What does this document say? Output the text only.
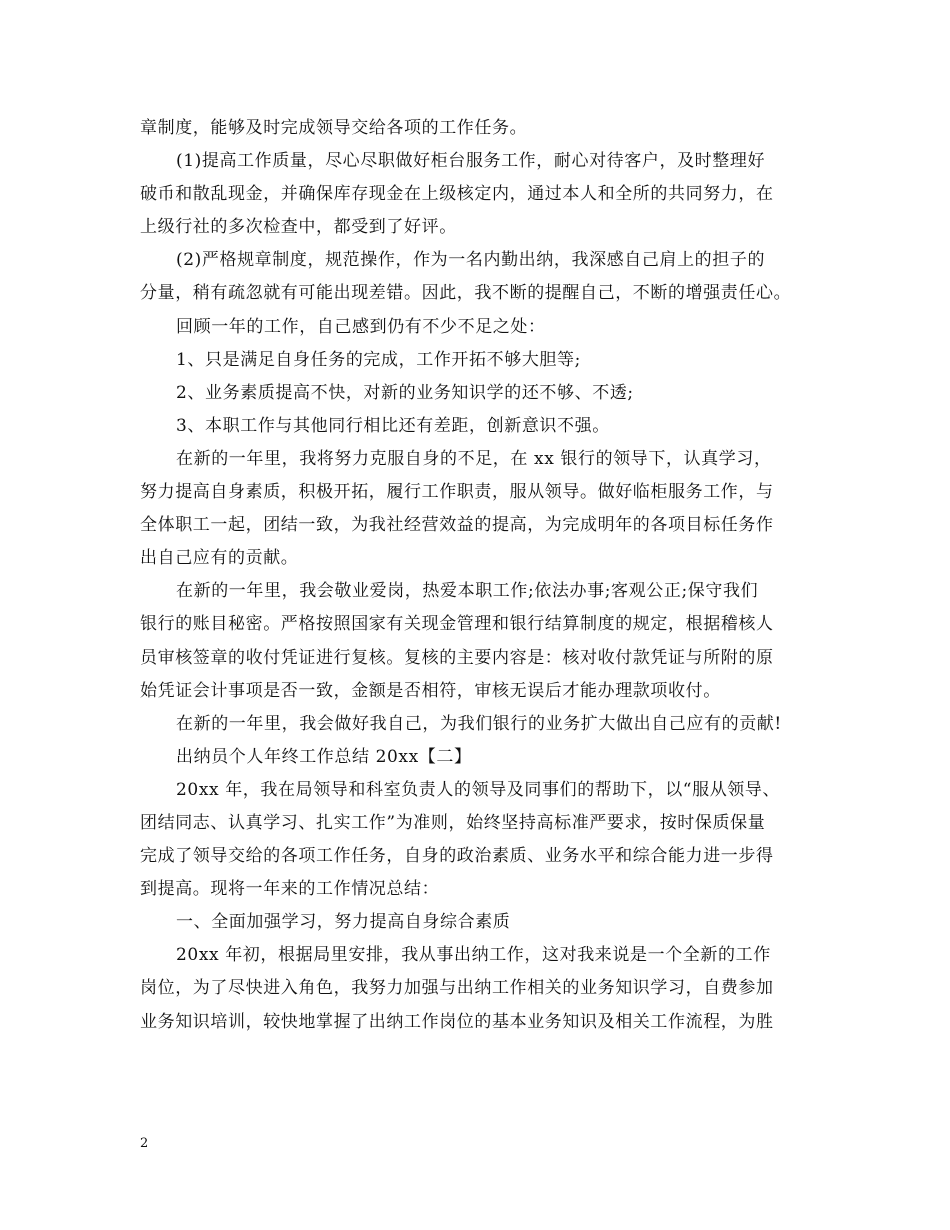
章制度，能够及时完成领导交给各项的工作任务。
(1)提高工作质量，尽心尽职做好柜台服务工作，耐心对待客户，及时整理好
破币和散乱现金，并确保库存现金在上级核定内，通过本人和全所的共同努力，在
上级行社的多次检查中，都受到了好评。
(2)严格规章制度，规范操作，作为一名内勤出纳，我深感自己肩上的担子的
分量，稍有疏忽就有可能出现差错。因此，我不断的提醒自己，不断的增强责任心。
回顾一年的工作，自己感到仍有不少不足之处：
1、只是满足自身任务的完成，工作开拓不够大胆等;
2、业务素质提高不快，对新的业务知识学的还不够、不透;
3、本职工作与其他同行相比还有差距，创新意识不强。
在新的一年里，我将努力克服自身的不足，在 xx 银行的领导下，认真学习，
努力提高自身素质，积极开拓，履行工作职责，服从领导。做好临柜服务工作，与
全体职工一起，团结一致，为我社经营效益的提高，为完成明年的各项目标任务作
出自己应有的贡献。
在新的一年里，我会敬业爱岗，热爱本职工作;依法办事;客观公正;保守我们
银行的账目秘密。严格按照国家有关现金管理和银行结算制度的规定，根据稽核人
员审核签章的收付凭证进行复核。复核的主要内容是：核对收付款凭证与所附的原
始凭证会计事项是否一致，金额是否相符，审核无误后才能办理款项收付。
在新的一年里，我会做好我自己，为我们银行的业务扩大做出自己应有的贡献!
出纳员个人年终工作总结 20xx【二】
20xx 年，我在局领导和科室负责人的领导及同事们的帮助下，以“服从领导、
团结同志、认真学习、扎实工作”为准则，始终坚持高标准严要求，按时保质保量
完成了领导交给的各项工作任务，自身的政治素质、业务水平和综合能力进一步得
到提高。现将一年来的工作情况总结：
一、全面加强学习，努力提高自身综合素质
20xx 年初，根据局里安排，我从事出纳工作，这对我来说是一个全新的工作
岗位，为了尽快进入角色，我努力加强与出纳工作相关的业务知识学习，自费参加
业务知识培训，较快地掌握了出纳工作岗位的基本业务知识及相关工作流程，为胜
2
